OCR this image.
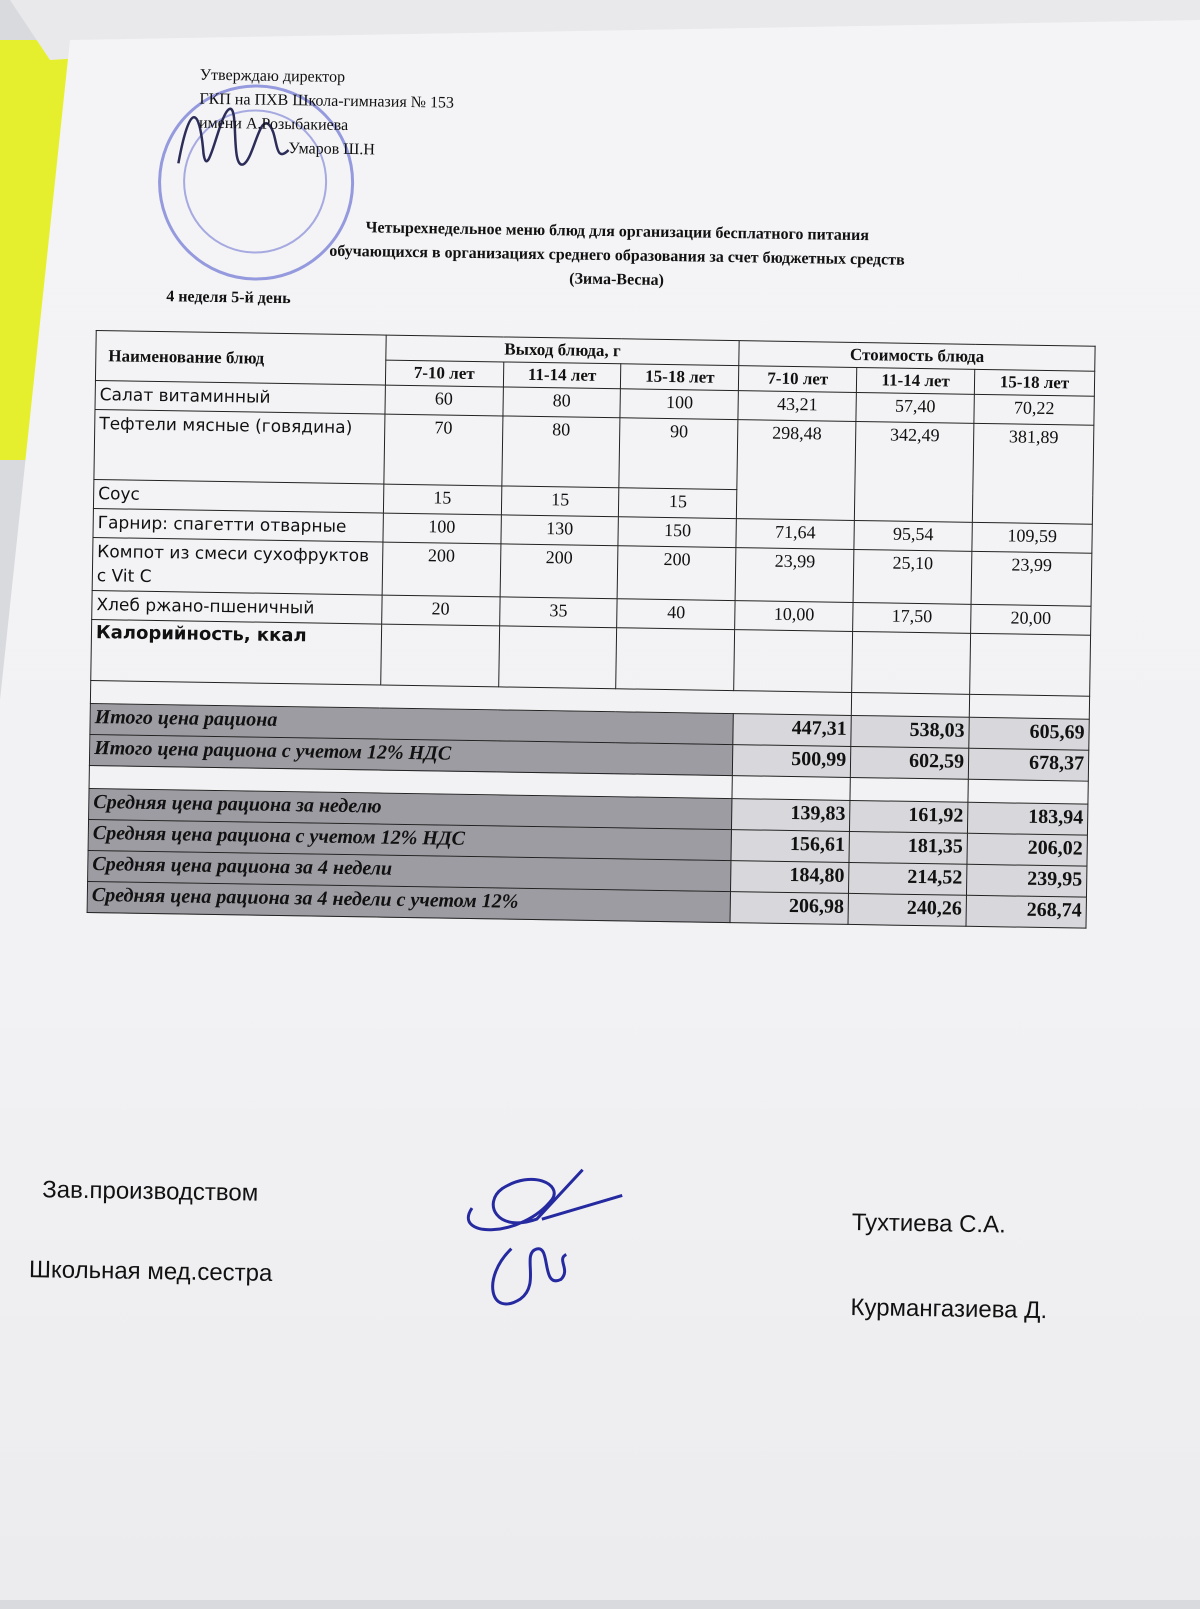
Утверждаю директор
ГКП на ПХВ Школа-гимназия № 153
имени А.Розыбакиева
Умаров Ш.Н
Четырехнедельное меню блюд для организации бесплатного питания
обучающихся в организациях среднего образования за счет бюджетных средств
(Зима-Весна)
4 неделя 5-й день
Наименование блюд	Выход блюда, г			Стоимость блюда		
	7-10 лет	11-14 лет	15-18 лет	7-10 лет	11-14 лет	15-18 лет
Салат витаминный	60	80	100	43,21	57,40	70,22
Тефтели мясные (говядина)	70	80	90	298,48	342,49	381,89
Соус	15	15	15			
Гарнир: спагетти отварные	100	130	150	71,64	95,54	109,59
Компот из смеси сухофруктов с Vit C	200	200	200	23,99	25,10	23,99
Хлеб ржано-пшеничный	20	35	40	10,00	17,50	20,00
Калорийность, ккал						

Итого цена рациона				447,31	538,03	605,69
Итого цена рациона с учетом 12% НДС				500,99	602,59	678,37

Средняя цена рациона за неделю				139,83	161,92	183,94
Средняя цена рациона с учетом 12% НДС				156,61	181,35	206,02
Средняя цена рациона за 4 недели				184,80	214,52	239,95
Средняя цена рациона за 4 недели с учетом 12%				206,98	240,26	268,74
Зав.производством
Тухтиева С.А.
Школьная мед.сестра
Курмангазиева Д.
